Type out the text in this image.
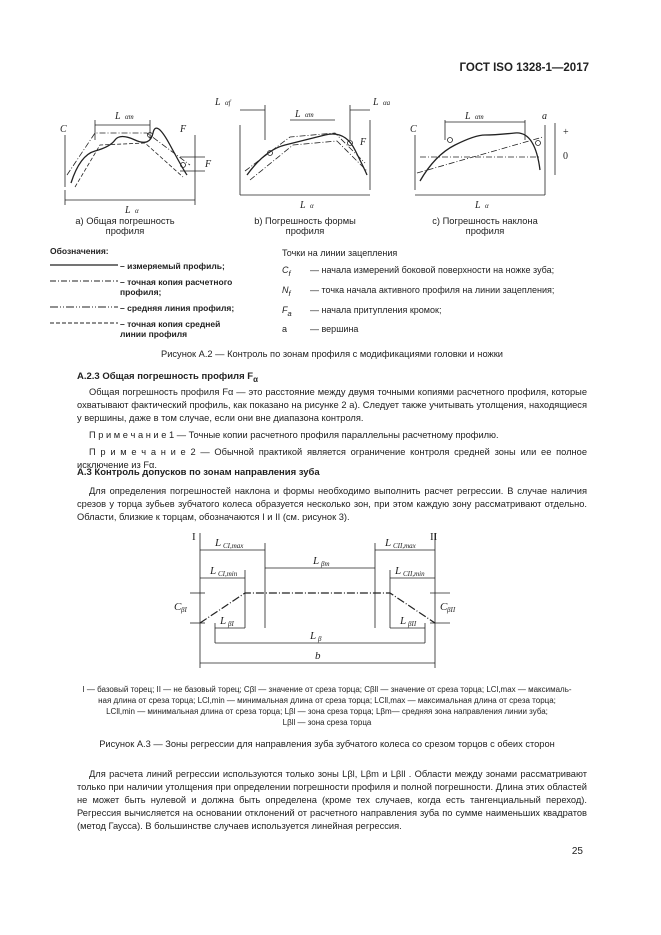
ГОСТ ISO 1328-1—2017
C
L αm
F
L α
F
L αf
L αm
L αa
L α
F
C
L αm	a
+
0
L α
a) Общая погрешность
профиля
b) Погрешность формы
профиля
c) Погрешность наклона
профиля
Обозначения:
– измеряемый профиль;
– точная копия расчетного профиля;
– средняя линия профиля;
– точная копия средней линии профиля
Точки на линии зацепления
$C_f$ — начала измерений боковой поверхности на ножке зуба;
$N_f$ — точка начала активного профиля на линии зацепления;
$F_a$ — начала притупления кромок;
a	— вершина
Рисунок А.2 — Контроль по зонам профиля с модификациями головки и ножки
А.2.3 Общая погрешность профиля $F_\alpha$
Общая погрешность профиля Fα — это расстояние между двумя точными копиями расчетного профиля, которые охватывают фактический профиль, как показано на рисунке 2 а). Следует также учитывать утолщения, находящиеся у вершины, даже в том случае, если они вне диапазона контроля.
П р и м е ч а н и е 1 — Точные копии расчетного профиля параллельны расчетному профилю.
П р и м е ч а н и е 2 — Обычной практикой является ограничение контроля средней зоны или ее полное исключение из Fα.
А.3 Контроль допусков по зонам направления зуба
Для определения погрешностей наклона и формы необходимо выполнить расчет регрессии. В случае наличия срезов у торца зубьев зубчатого колеса образуется несколько зон, при этом каждую зону рассматривают отдельно. Области, близкие к торцам, обозначаются I и II (см. рисунок 3).
I	II
L CI,max	L CII,max
L CI,min	L CII,min
L βm
L βI	L βII
L β
b
C βI	C βII
I — базовый торец; II — не базовый торец; Cβl — значение от среза торца; Cβll — значение от среза торца; LCl,max — максималь-
ная длина от среза торца; LCl,min — минимальная длина от среза торца; LCll,max — максимальная длина от среза торца;
LCll,min — минимальная длина от среза торца; Lβl — зона среза торца; Lβm— средняя зона направления линии зуба;
Lβll — зона среза торца
Рисунок А.3 — Зоны регрессии для направления зуба зубчатого колеса со срезом торцов с обеих сторон
Для расчета линий регрессии используются только зоны Lβl, Lβm и Lβll . Области между зонами рассматривают только при наличии утолщения при определении погрешности профиля и полной погрешности. Длина этих областей не может быть нулевой и должна быть определена (кроме тех случаев, когда есть тангенциальный переход). Регрессия вычисляется на основании отклонений от расчетного направления зуба по сумме наименьших квадратов (метод Гаусса). В большинстве случаев используется линейная регрессия.
25
